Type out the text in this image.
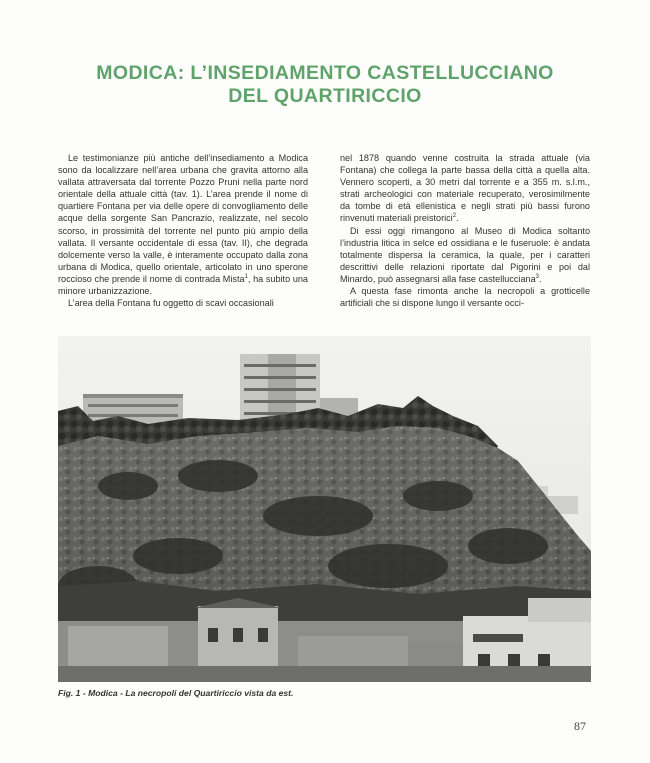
MODICA: L’INSEDIAMENTO CASTELLUCCIANO
DEL QUARTIRICCIO

Le testimonianze più antiche dell’insediamento a Modica sono da localizzare nell’area urbana che gravita attorno alla vallata attraversata dal torrente Pozzo Pruni nella parte nord orientale della attuale città (tav. 1). L’area prende il nome di quartiere Fontana per via delle opere di convogliamento delle acque della sorgente San Pancrazio, realizzate, nel secolo scorso, in prossimità del torrente nel punto più ampio della vallata. Il versante occidentale di essa (tav. II), che degrada dolcemente verso la valle, è interamente occupato dalla zona urbana di Modica, quello orientale, articolato in uno sperone roccioso che prende il nome di contrada Mista$^1$, ha subito una minore urbanizzazione.

L’area della Fontana fu oggetto di scavi occasionali

nel 1878 quando venne costruita la strada attuale (via Fontana) che collega la parte bassa della città a quella alta. Vennero scoperti, a 30 metri dal torrente e a 355 m. s.l.m., strati archeologici con materiale recuperato, verosimilmente da tombe di età ellenistica e negli strati più bassi furono rinvenuti materiali preistorici$^2$.

Di essi oggi rimangono al Museo di Modica soltanto l’industria litica in selce ed ossidiana e le fuseruole: è andata totalmente dispersa la ceramica, la quale, per i caratteri descrittivi delle relazioni riportate dal Pigorini e poi dal Minardo, può assegnarsi alla fase castellucciana$^3$.

A questa fase rimonta anche la necropoli a grotticelle artificiali che si dispone lungo il versante occi-

Fig. 1 - Modica - La necropoli del Quartiriccio vista da est.
87
